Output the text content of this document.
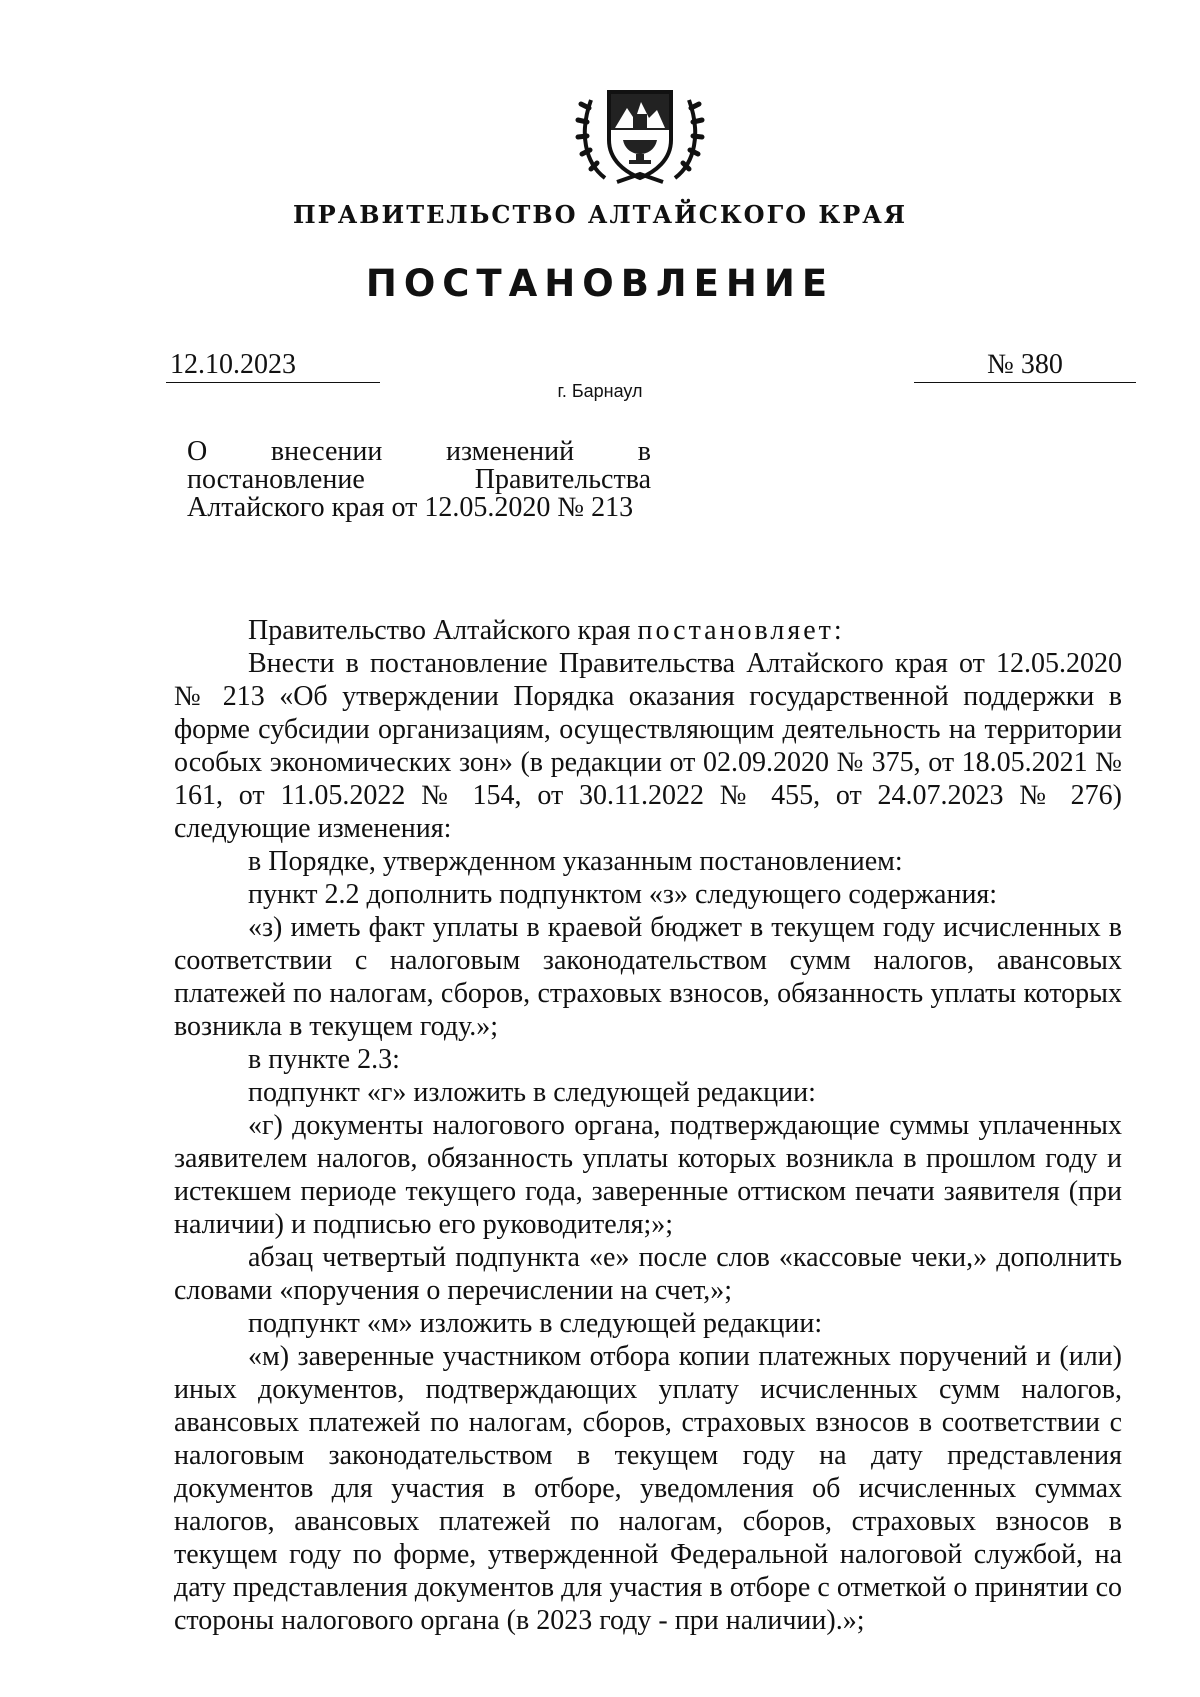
ПРАВИТЕЛЬСТВО АЛТАЙСКОГО КРАЯ
ПОСТАНОВЛЕНИЕ
12.10.2023	№ 380
г. Барнаул
О внесении изменений в
постановление Правительства
Алтайского края от 12.05.2020 № 213

Правительство Алтайского края постановляет:

Внести в постановление Правительства Алтайского края от 12.05.2020 № 213 «Об утверждении Порядка оказания государственной поддержки в форме субсидии организациям, осуществляющим деятельность на территории особых экономических зон» (в редакции от 02.09.2020 № 375, от 18.05.2021 № 161, от 11.05.2022 № 154, от 30.11.2022 № 455, от 24.07.2023 № 276) следующие изменения:

в Порядке, утвержденном указанным постановлением:

пункт 2.2 дополнить подпунктом «з» следующего содержания:

«з) иметь факт уплаты в краевой бюджет в текущем году исчисленных в соответствии с налоговым законодательством сумм налогов, авансовых платежей по налогам, сборов, страховых взносов, обязанность уплаты которых возникла в текущем году.»;

в пункте 2.3:

подпункт «г» изложить в следующей редакции:

«г) документы налогового органа, подтверждающие суммы уплаченных заявителем налогов, обязанность уплаты которых возникла в прошлом году и истекшем периоде текущего года, заверенные оттиском печати заявителя (при наличии) и подписью его руководителя;»;

абзац четвертый подпункта «е» после слов «кассовые чеки,» дополнить словами «поручения о перечислении на счет,»;

подпункт «м» изложить в следующей редакции:

«м) заверенные участником отбора копии платежных поручений и (или) иных документов, подтверждающих уплату исчисленных сумм налогов, авансовых платежей по налогам, сборов, страховых взносов в соответствии с налоговым законодательством в текущем году на дату представления документов для участия в отборе, уведомления об исчисленных суммах налогов, авансовых платежей по налогам, сборов, страховых взносов в текущем году по форме, утвержденной Федеральной налоговой службой, на дату представления документов для участия в отборе с отметкой о принятии со стороны налогового органа (в 2023 году - при наличии).»;
